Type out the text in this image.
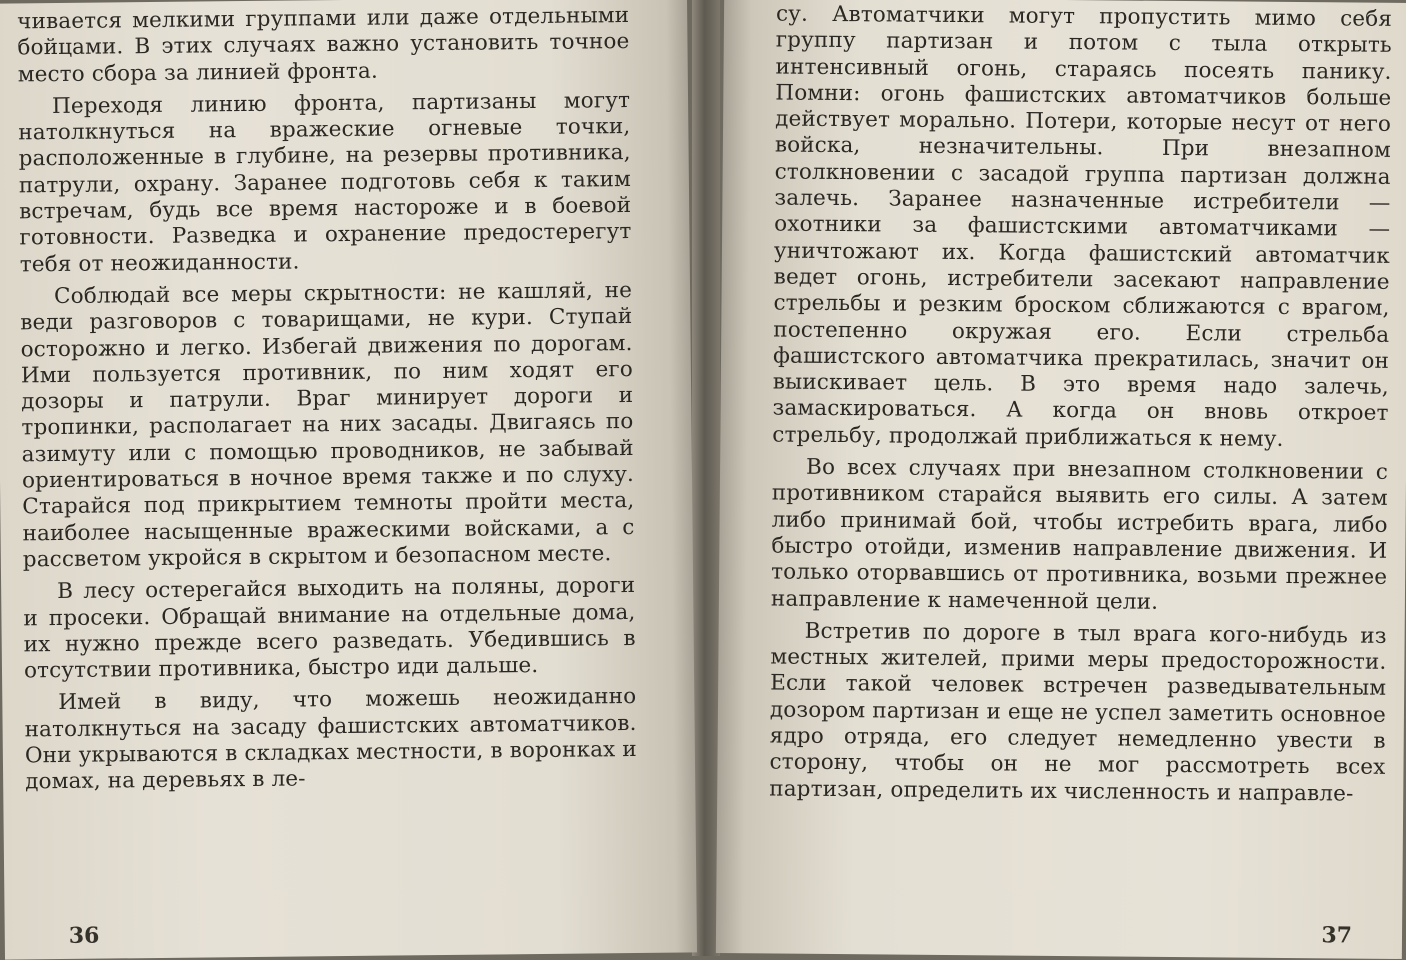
чивается мелкими группами или даже отдельными бойцами. В этих случаях важно установить точное место сбора за линией фронта.

Переходя линию фронта, партизаны могут натолкнуться на вражеские огневые точки, расположенные в глубине, на резервы противника, патрули, охрану. Заранее подготовь себя к таким встречам, будь все время настороже и в боевой готовности. Разведка и охранение предостерегут тебя от неожиданности.

Соблюдай все меры скрытности: не кашляй, не веди разговоров с товарищами, не кури. Ступай осторожно и легко. Избегай движения по дорогам. Ими пользуется противник, по ним ходят его дозоры и патрули. Враг минирует дороги и тропинки, располагает на них засады. Двигаясь по азимуту или с помощью проводников, не забывай ориентироваться в ночное время также и по слуху. Старайся под прикрытием темноты пройти места, наиболее насыщенные вражескими войсками, а с рассветом укройся в скрытом и безопасном месте.

В лесу остерегайся выходить на поляны, дороги и просеки. Обращай внимание на отдельные дома, их нужно прежде всего разведать. Убедившись в отсутствии противника, быстро иди дальше.

Имей в виду, что можешь неожиданно натолкнуться на засаду фашистских автоматчиков. Они укрываются в складках местности, в воронках и домах, на деревьях в ле-

36

су. Автоматчики могут пропустить мимо себя группу партизан и потом с тыла открыть интенсивный огонь, стараясь посеять панику. Помни: огонь фашистских автоматчиков больше действует морально. Потери, которые несут от него войска, незначительны. При внезапном столкновении с засадой группа партизан должна залечь. Заранее назначенные истребители — охотники за фашистскими автоматчиками — уничтожают их. Когда фашистский автоматчик ведет огонь, истребители засекают направление стрельбы и резким броском сближаются с врагом, постепенно окружая его. Если стрельба фашистского автоматчика прекратилась, значит он выискивает цель. В это время надо залечь, замаскироваться. А когда он вновь откроет стрельбу, продолжай приближаться к нему.

Во всех случаях при внезапном столкновении с противником старайся выявить его силы. А затем либо принимай бой, чтобы истребить врага, либо быстро отойди, изменив направление движения. И только оторвавшись от противника, возьми прежнее направление к намеченной цели.

Встретив по дороге в тыл врага кого-нибудь из местных жителей, прими меры предосторожности. Если такой человек встречен разведывательным дозором партизан и еще не успел заметить основное ядро отряда, его следует немедленно увести в сторону, чтобы он не мог рассмотреть всех партизан, определить их численность и направле-

37
